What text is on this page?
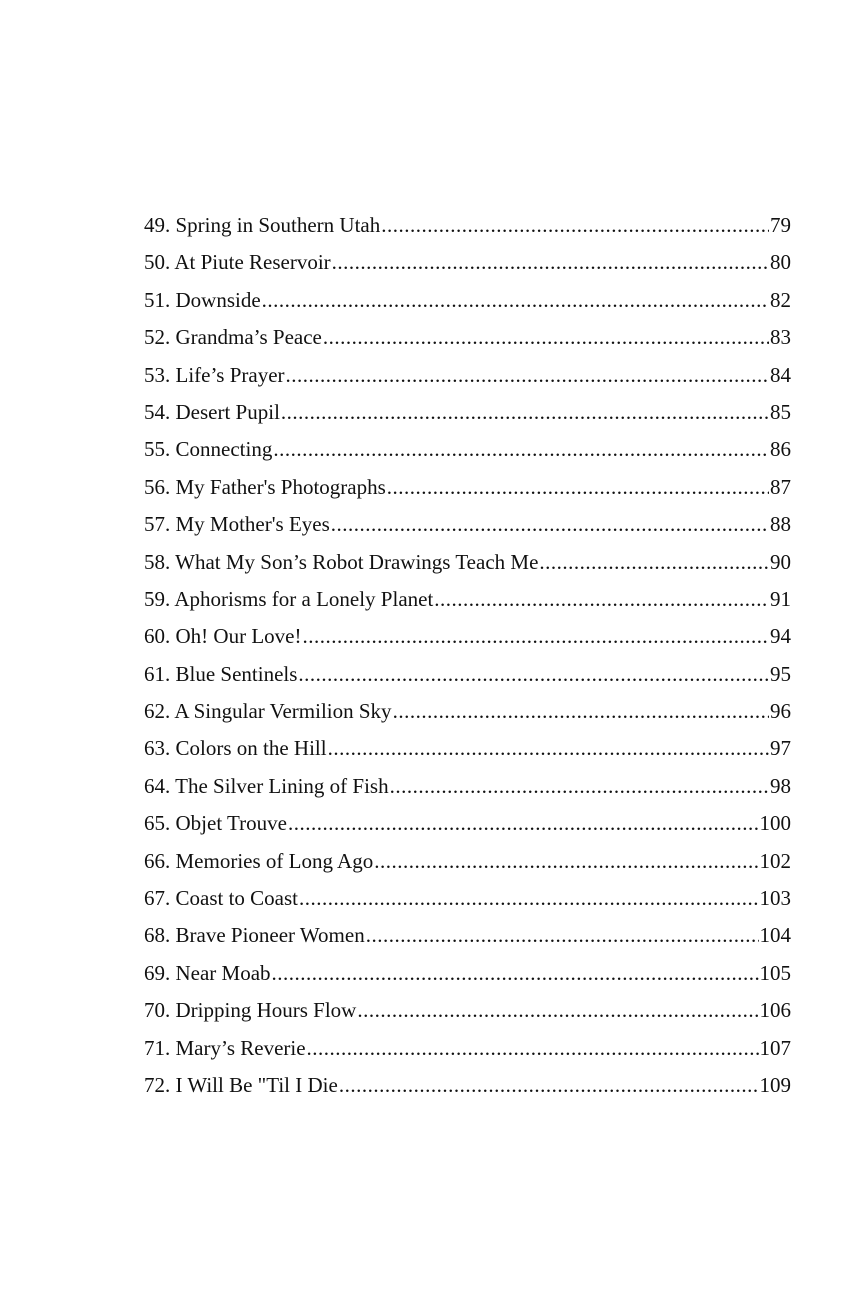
49. Spring in Southern Utah .....	79
50. At Piute Reservoir .....	80
51. Downside .....	82
52. Grandma’s Peace .....	83
53. Life’s Prayer .....	84
54. Desert Pupil .....	85
55. Connecting .....	86
56. My Father's Photographs .....	87
57. My Mother's Eyes .....	88
58. What My Son’s Robot Drawings Teach Me .....	90
59. Aphorisms for a Lonely Planet .....	91
60. Oh! Our Love! .....	94
61. Blue Sentinels .....	95
62. A Singular Vermilion Sky .....	96
63. Colors on the Hill .....	97
64. The Silver Lining of Fish .....	98
65. Objet Trouve .....	100
66. Memories of Long Ago .....	102
67. Coast to Coast .....	103
68. Brave Pioneer Women .....	104
69. Near Moab .....	105
70. Dripping Hours Flow .....	106
71. Mary’s Reverie .....	107
72. I Will Be "Til I Die .....	109
